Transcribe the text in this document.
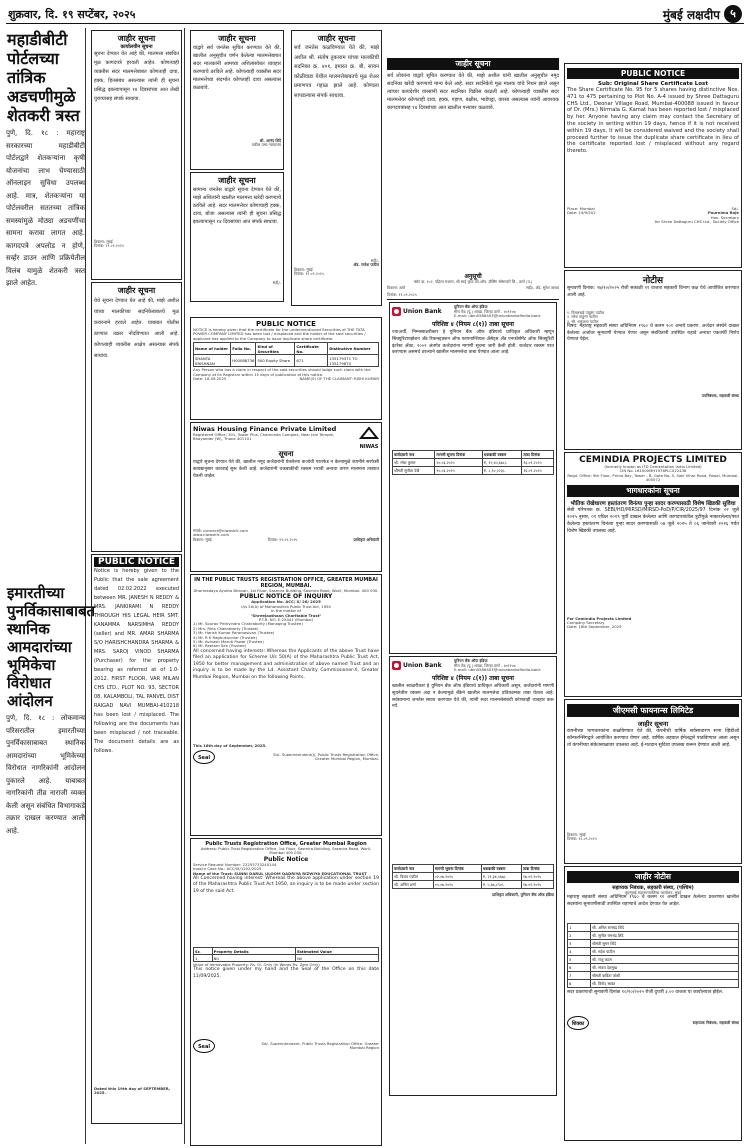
शुक्रवार, दि. १९ सप्टेंबर, २०२५	मुंबई लक्षदीप ५
महाडीबीटी पोर्टलच्या तांत्रिक अडचणीमुळे शेतकरी त्रस्त
पुणे, दि. १८ : महाराष्ट्र सरकारच्या महाडीबीटी पोर्टलद्वारे शेतकऱ्यांना कृषी योजनांचा लाभ घेण्यासाठी ऑनलाइन सुविधा उपलब्ध आहे. मात्र, शेतकऱ्यांना या पोर्टलवरील सततच्या तांत्रिक समस्यांमुळे मोठ्या अडचणींचा सामना करावा लागत आहे. कागदपत्रे अपलोड न होणे, सर्व्हर डाउन आणि प्रक्रियेतील विलंब यामुळे शेतकरी त्रस्त झाले आहेत.
इमारतीच्या पुनर्विकासाबाबत स्थानिक आमदारांच्या भूमिकेचा विरोधात आंदोलन
पुणे, दि. १८ : लोकमान्य परिसरातील इमारतीच्या पुनर्विकासाबाबत स्थानिक आमदारांच्या भूमिकेच्या विरोधात नागरिकांनी आंदोलन पुकारले आहे. याबाबत नागरिकांनी तीव्र नाराजी व्यक्त केली असून संबंधित विभागाकडे तक्रार दाखल करण्यात आली आहे.
जाहीर सूचना
कार्यालयीन सूचना
सूचना देण्यात येत आहे की, मालमत्ता संबंधित मूळ कागदपत्रे हरवली आहेत. कोणत्याही व्यक्तीस सदर मालमत्तेबाबत कोणताही दावा, हक्क, हितसंबंध असल्यास त्यांनी ही सूचना प्रसिद्ध झाल्यापासून १४ दिवसांच्या आत लेखी पुराव्यासह संपर्क साधावा.
ठिकाण: मुंबई
दिनांक: १९.०९.२०२५
जाहीर सूचना
येथे सूचना देण्यात येत आहे की, माझे अशील यांच्या मालकीच्या सदनिकेबाबतचे मूळ करारनामे हरवले आहेत. याबाबत पोलीस ठाण्यात तक्रार नोंदविण्यात आली आहे. कोणत्याही व्यक्तीस आक्षेप असल्यास संपर्क साधावा.
PUBLIC NOTICE
Notice is hereby given to the Public that the sale agreement dated 02.02.2022 executed between MR. JANESH N REDDY & MRS. JANKIRAMI N REDDY THROUGH HIS LEGAL HEIR SMT. KANAMMA NARSIMHA REDDY (seller) and MR. AMAR SHARMA S/O HARISHCHANDRA SHARMA & MRS. SAROJ VINOD SHARMA (Purchaser) for the property bearing as referred at of 1.0-2012. FIRST FLOOR, VAR MILAN CHS LTD., PLOT NO. 93, SECTOR 08, KALAMBOLI, TAL PANVEL DIST RAIGAD NAVI MUMBAI-410218 has been lost / misplaced. The following are the documents has been misplaced / not traceable. The document details are as follows.
Dated this 19th day of SEPTEMBER, 2025.
जाहीर सूचना
याद्वारे सर्व जनतेस सूचित करण्यात येते की, खालील अनुसूचीत वर्णन केलेल्या मालमत्तेबाबत सदर मालकांनी आमच्या अशिलांसोबत व्यवहार करण्याचे ठरविले आहे. कोणत्याही व्यक्तीस सदर मालमत्तेच्या संदर्भात कोणताही दावा असल्यास कळवावे.
श्री. आनंद शिंदे
वकील उच्च न्यायालय
जाहीर सूचना
सामान्य जनतेस याद्वारे सूचना देण्यात येते की, माझे अशिलांनी खालील मालमत्ता खरेदी करण्याचे ठरविले आहे. सदर मालमत्तेवर कोणाचाही हक्क, दावा, बोजा असल्यास त्यांनी ही सूचना प्रसिद्ध झाल्यापासून १४ दिवसांच्या आत संपर्क साधावा.
सही/-
जाहीर सूचना
सर्व जनतेस कळविण्यात येते की, माझे अशील श्री. संतोष तुकाराम यांच्या मालकीची सदनिका क्र. ४०१, इमारत क्र. बी, सायन कोळीवाडा येथील मालमत्तेबाबतचे मूळ शेअर प्रमाणपत्र गहाळ झाले आहे. कोणाला सापडल्यास संपर्क साधावा.
सही/-
ॲड. राजेश पाटील
ठिकाण: मुंबई
दिनांक: १९.०९.२०२५
PUBLIC NOTICE
NOTICE is hereby given that the certificate for the undermentioned Securities of THE TATA POWER COMPANY LIMITED has been lost / misplaced and the holder of the said securities / applicant has applied to the Company to issue duplicate share certificate.
Name of holder	Folio No.	Kind of Securities	Certificate No.	Distinctive Number
SHANTA KRISHNAN	H00088736	500 Equity Share	671	135179371 TO 135179870
Any Person who has a claim in respect of the said securities should lodge such claim with the Company at its Registrar within 15 days of publication of this notice.
Date: 18.09.2025	NAME(S) OF THE CLAIMANT: RISHI KUMAR
Niwas Housing Finance Private Limited
Registered Office: 301, Tower Plus, Chamunda Complex, Near Jain Temple, Bhayander (W), Thane 401101
NIWAS
सूचना
याद्वारे सूचना देण्यात येते की, खालील नमूद कर्जदारांनी घेतलेल्या कर्जाची परतफेड न केल्यामुळे कंपनीने सरफेसी कायद्यानुसार कारवाई सुरू केली आहे. कर्जदारांनी थकबाकीची रक्कम भरावी अन्यथा तारण मालमत्ता ताब्यात घेतली जाईल.
संपर्क: connect@niwashfc.com
www.niwashfc.com
ठिकाण: मुंबई	दिनांक: १९.०९.२०२५	प्राधिकृत अधिकारी
IN THE PUBLIC TRUSTS REGISTRATION OFFICE, GREATER MUMBAI REGION, MUMBAI.
Dharmadaya Ayukta Bhavan, 1st Floor, Sasmira Building, Sasmira Road, Worli, Mumbai- 400 030.
PUBLIC NOTICE OF INQUIRY
Application No. ACC/ X/ 26/ 2025
U/s 50(A) of Maharashtra Public Trust Act, 1950
In the matter of
"Shreejaathaan Charitable Trust"
P.T.R. NO. E-25441 (Mumbai)
1) Mr. Sourav Prithvindra Chakraborty (Managing Trustee)
2) Mrs. Rina Chakraborty (Trustee)
3) Mr. Harish Kumar Paramasivan (Trustee)
4) Mr. R K Raghukunniar (Trustee)
5) Mr. Avinash Maruti Pawar (Trustee)
6) Mr. Reetam Sen (Trustee)
All concerned having interests: Whereas the Applicants of the above Trust have filed an application for Scheme U/s 50(A) of the Maharashtra Public Trust Act, 1950 for better management and administration of above named Trust and an inquiry is to be made by the Ld. Assistant Charity Commissioner-X, Greater Mumbai Region, Mumbai on the following Points.
This 18th day of September, 2025.
Seal
Sd/- Superintendent(J), Public Trusts Registration Office, Greater Mumbai Region, Mumbai.
Public Trusts Registration Office, Greater Mumbai Region
Address: Public Trust Registration Office, 1st Floor, Sasmira Building, Sasmira Road, Worli, Mumbai 400 030.
Public Notice
Service Request Number: 22255733240144
Inquiry Case No.: ACC/IX/1202/2025
Name of the Trust: SUNNI DARUL ULOOM QADRIYA RIZWIYA EDUCATIONAL TRUST
All Concerned having interest: Whereas the above application under section 19 of the Maharashtra Public Trust Act 1950, an inquiry is to be made under section 19 of the said Act.
Sr.	Property Details	Estimated Value
1	Nil	Nil
Value of Immovable Property: Rs. 0/- Only (In Words Rs. Zero Only)
This notice given under my hand and the Seal of the Office on this date 11/09/2025.
Seal
Sd/- Superintendent, Public Trusts Registration Office, Greater Mumbai Region
जाहीर सूचना
सर्व लोकांना याद्वारे सूचित करण्यात येते की, माझे अशील यांनी खालील अनुसूचीत नमूद सदनिका खरेदी करण्याचे मान्य केले आहे. सदर सदनिकेचे मूळ मालक यांचे निधन झाले असून त्यांच्या कायदेशीर वारसांनी सदर सदनिका विक्रीस काढली आहे. कोणत्याही व्यक्तीस सदर मालमत्तेवर कोणताही दावा, हक्क, गहाण, बक्षीस, भाडेपट्टा, वारसा असल्यास त्यांनी आवश्यक कागदपत्रांसह १४ दिवसांच्या आत खालील पत्त्यावर कळवावे.
अनुसूची
फ्लॅट क्र. १०२, पहिला मजला, श्री साई कृपा को-ऑप. हौसिंग सोसायटी लि., ठाणे (प.)
ठिकाण: ठाणे	सही/- ॲड. सुरेश जाधव
दिनांक: १९.०९.२०२५
Union Bank
युनियन बँक ऑफ इंडिया
मीरा रोड (पू.) शाखा, जिल्हा ठाणे - ४०११०७
E-mail: ubin0566403@unionbankofindia.bank
परिशिष्ट ४ (नियम ८(१)) ताबा सूचना
ज्याअर्थी, निम्नस्वाक्षरीकार हे युनियन बँक ऑफ इंडियाचे प्राधिकृत अधिकारी म्हणून सिक्युरिटायझेशन अँड रिकन्स्ट्रक्शन ऑफ फायनान्शियल ॲसेट्स अँड एनफोर्समेंट ऑफ सिक्युरिटी इंटरेस्ट ॲक्ट, २००२ अंतर्गत कर्जदारांना मागणी सूचना जारी केली होती. कर्जदार रक्कम परत करण्यास असमर्थ ठरल्याने खालील मालमत्तेचा ताबा घेण्यात आला आहे.
कर्जदाराचे नाव	मागणी सूचना दिनांक	थकबाकी रक्कम	ताबा दिनांक
श्री. रमेश कुमार	२०.०६.२०२५	रु. १२,४५,६७८/-	१६.०९.२०२५
श्रीमती सुनीता देवी	१५.०६.२०२५	रु. ८,९०,१२३/-	१६.०९.२०२५
Union Bank
युनियन बँक ऑफ इंडिया
मीरा रोड (पू.) शाखा, जिल्हा ठाणे - ४०११०७
E-mail: ubin0566403@unionbankofindia.bank
परिशिष्ट ४ (नियम ८(१)) ताबा सूचना
खालील स्वाक्षरीकार हे युनियन बँक ऑफ इंडियाचे प्राधिकृत अधिकारी असून, कर्जदारांनी मागणी सूचनेतील रक्कम अदा न केल्यामुळे बँकेने खालील मालमत्तेचा प्रतिकात्मक ताबा घेतला आहे. सर्वसामान्य जनतेस सावध करण्यात येते की, त्यांनी सदर मालमत्तेसंबंधी कोणताही व्यवहार करू नये.
कर्जदाराचे नाव	मागणी सूचना दिनांक	थकबाकी रक्कम	ताबा दिनांक
श्री. विजय पाटील	०२.०७.२०२५	रु. २१,३४,५६७/-	१७.०९.२०२५
श्री. अनिल शर्मा	०५.०७.२०२५	रु. ५,६७,८९०/-	१७.०९.२०२५
प्राधिकृत अधिकारी, युनियन बँक ऑफ इंडिया
PUBLIC NOTICE
Sub: Original Share Certificate Lost
The Share Certificate No. 95 for 5 shares having distinctive Nos. 471 to 475 pertaining to Plot No. A-4 issued by Shree Dattaguru CHS Ltd., Deonar Village Road, Mumbai-400088 issued in favour of Dr. (Mrs.) Nirmala G. Kamat has been reported lost / misplaced by her. Anyone having any claim may contact the Secretary of the society in writing within 19 days, hence if it is not received within 19 days, it will be considered waived and the society shall proceed further to issue the duplicate share certificate in lieu of the certificate reported lost / misplaced without any regard thereto.
Place: Mumbai
Date: 19/9/202
Sd/-
Pournima Raje
Hon. Secretary
for Shree Dattaguru CHS Ltd., Society Office
नोटीस
सुनावणी दिनांक: २७/१०/२०२५ रोजी सकाळी ११ वाजता सहकारी विभाग कक्ष येथे आयोजित करण्यात आली आहे.
१. विमलबाई पांडुरंग पाटील
२. रमेश पांडुरंग पाटील
३. सौ. शकुंतला पाटील
विषय: महाराष्ट्र सहकारी संस्था अधिनियम १९६० चे कलम १०१ अन्वये प्रकरण. अर्जदार संस्थेने दाखल केलेल्या अर्जावर सुनावणी घेण्यात येणार असून संबंधितांनी उपस्थित राहावे अन्यथा एकतर्फी निर्णय घेण्यात येईल.
उपनिबंधक, सहकारी संस्था
CEMINDIA PROJECTS LIMITED
(formerly known as ITD Cementation India Limited)
CIN No. L61000MH1978PLC022438
Regd. Office: 9th Floor, Prima Bay, Tower - B, Gate No. 5, Saki Vihar Road, Powai, Mumbai-400072
भागधारकांना सूचना
भौतिक रोखेधारण हस्तांतरण विनंत्या पुन्हा सादर करण्यासाठी विशेष खिडकी सुविधा
सेबी परिपत्रक क्र. SEBI/HO/MIRSD/MIRSD-PoD/P/CIR/2025/97 दिनांक ०२ जुलै २०२५ नुसार, ०१ एप्रिल २०१९ पूर्वी दाखल केलेल्या आणि कागदपत्रांतील त्रुटींमुळे नाकारलेल्या/परत केलेल्या हस्तांतरण विनंत्या पुन्हा सादर करण्यासाठी ०७ जुलै २०२५ ते ०६ जानेवारी २०२६ पर्यंत विशेष खिडकी उपलब्ध आहे.
For Cemindia Projects Limited
Company Secretary
Date: 18th September, 2025
जीएमसी फायनान्स लिमिटेड
जाहीर सूचना
कंपनीच्या भागधारकांना कळविण्यात येते की, कंपनीची वार्षिक सर्वसाधारण सभा व्हिडीओ कॉन्फरन्सिंगद्वारे आयोजित करण्यात येणार आहे. वार्षिक अहवाल ईमेलद्वारे पाठविण्यात आला असून तो कंपनीच्या संकेतस्थळावर उपलब्ध आहे. ई-मतदान सुविधा उपलब्ध करून देण्यात आली आहे.
ठिकाण: मुंबई
दिनांक: १८.०९.२०२५
जाहीर नोटीस
सहाय्यक निबंधक, सहकारी संस्था, (पश्चिम)
बृहन्मुंबई महानगरपालिका कार्यालय, मुंबई
महाराष्ट्र सहकारी संस्था अधिनियम १९६० चे कलम ९१ अन्वये दाखल केलेल्या प्रकरणात खालील सदस्यांना सुनावणीसाठी उपस्थित राहण्याचे आदेश देण्यात येत आहेत.
1	श्री. अनिल रामचंद्र शिंदे
2	श्री. सुनील रामचंद्र शिंदे
3	श्रीमती सुमन शिंदे
4	श्री. महेश पाटील
5	श्री. राजू कदम
6	श्री. संजय देशमुख
7	श्रीमती कविता जोशी
8	श्री. विनोद सावंत
सदर प्रकरणाची सुनावणी दिनांक १०/१०/२०२५ रोजी दुपारी ३.०० वाजता या कार्यालयात होईल.
शिक्का	सहाय्यक निबंधक, सहकारी संस्था
